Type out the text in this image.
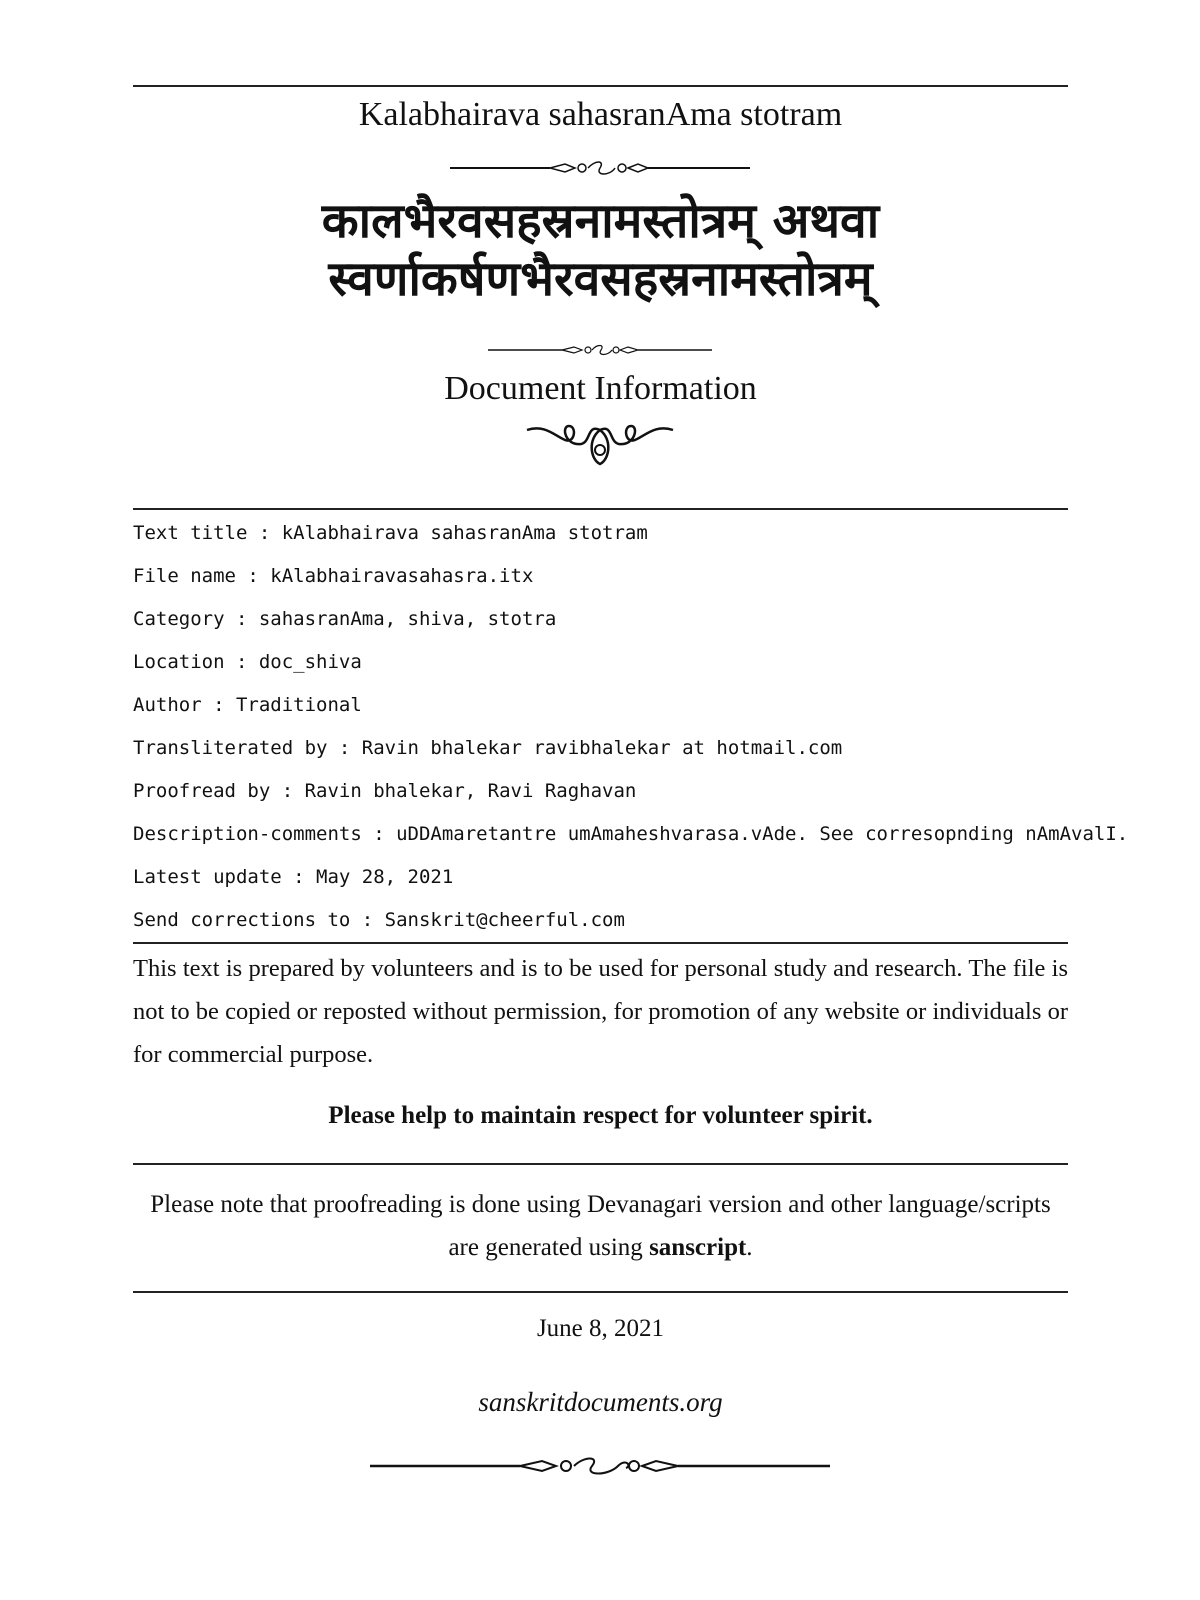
Kalabhairava sahasranAma stotram
कालभैरवसहस्रनामस्तोत्रम् अथवा
स्वर्णाकर्षणभैरवसहस्रनामस्तोत्रम्
Document Information
Text title : kAlabhairava sahasranAma stotram
File name : kAlabhairavasahasra.itx
Category : sahasranAma, shiva, stotra
Location : doc_shiva
Author : Traditional
Transliterated by : Ravin bhalekar ravibhalekar at hotmail.com
Proofread by : Ravin bhalekar, Ravi Raghavan
Description-comments : uDDAmaretantre umAmaheshvarasa.vAde. See corresopnding nAmAvalI.
Latest update : May 28, 2021
Send corrections to : Sanskrit@cheerful.com
This text is prepared by volunteers and is to be used for personal study and research. The file is not to be copied or reposted without permission, for promotion of any website or individuals or for commercial purpose.
Please help to maintain respect for volunteer spirit.
Please note that proofreading is done using Devanagari version and other language/scripts are generated using sanscript.
June 8, 2021
sanskritdocuments.org
